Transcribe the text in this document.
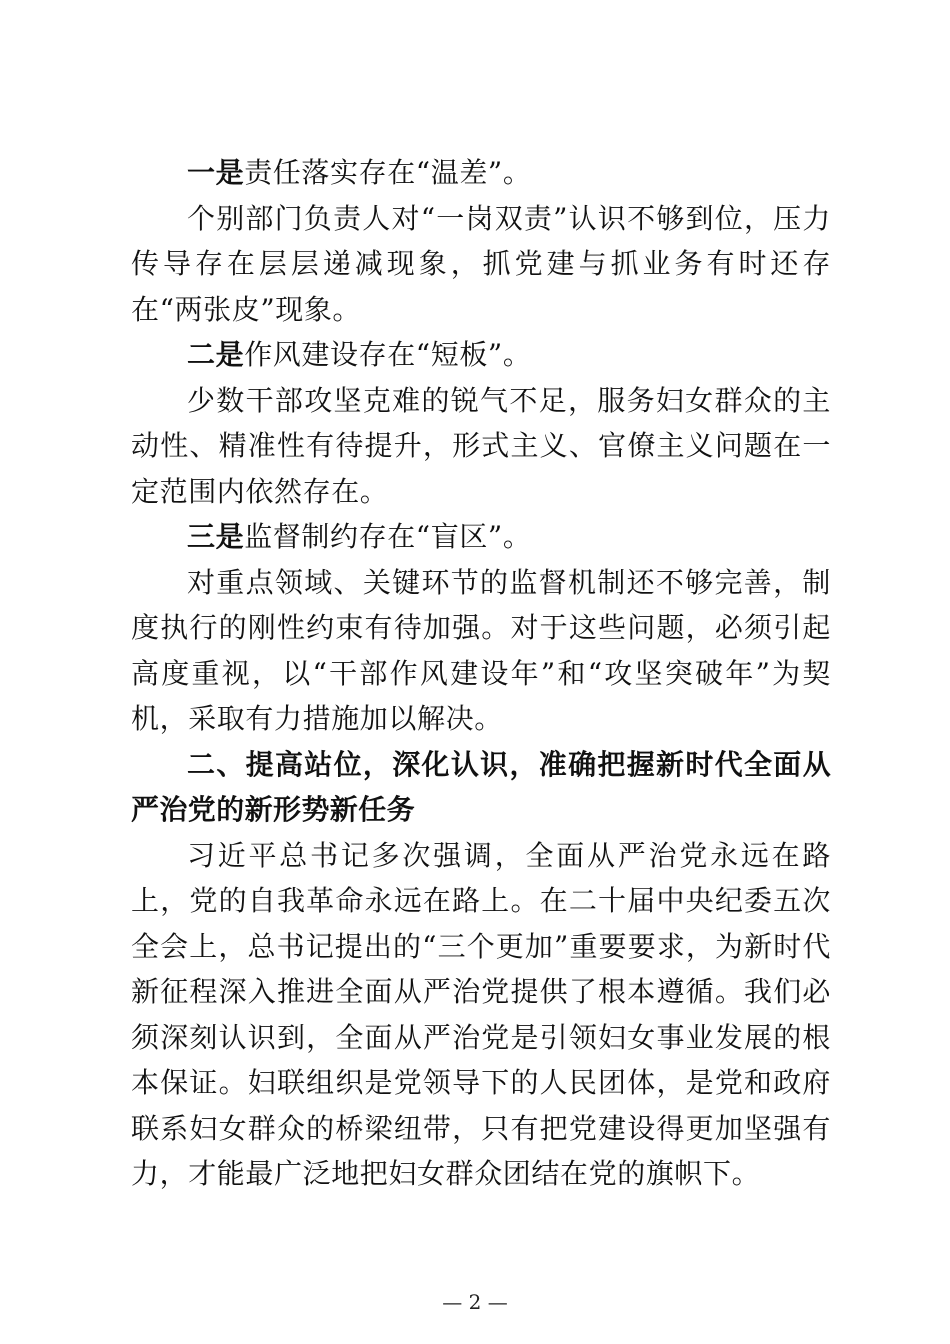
一是责任落实存在“温差”。

个别部门负责人对“一岗双责”认识不够到位，压力传导存在层层递减现象，抓党建与抓业务有时还存在“两张皮”现象。

二是作风建设存在“短板”。

少数干部攻坚克难的锐气不足，服务妇女群众的主动性、精准性有待提升，形式主义、官僚主义问题在一定范围内依然存在。

三是监督制约存在“盲区”。

对重点领域、关键环节的监督机制还不够完善，制度执行的刚性约束有待加强。对于这些问题，必须引起高度重视，以“干部作风建设年”和“攻坚突破年”为契机，采取有力措施加以解决。

二、提高站位，深化认识，准确把握新时代全面从严治党的新形势新任务

习近平总书记多次强调，全面从严治党永远在路上，党的自我革命永远在路上。在二十届中央纪委五次全会上，总书记提出的“三个更加”重要要求，为新时代新征程深入推进全面从严治党提供了根本遵循。我们必须深刻认识到，全面从严治党是引领妇女事业发展的根本保证。妇联组织是党领导下的人民团体，是党和政府联系妇女群众的桥梁纽带，只有把党建设得更加坚强有力，才能最广泛地把妇女群众团结在党的旗帜下。

— 2 —
